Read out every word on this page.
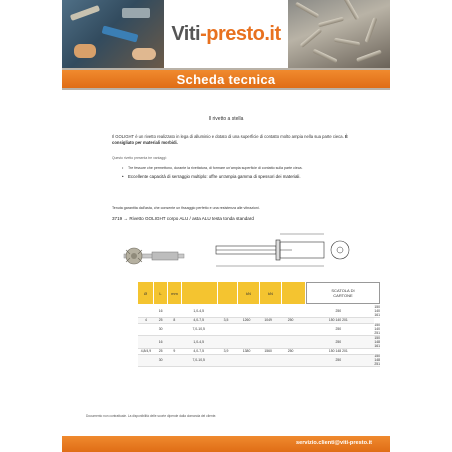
Viti-presto.it
Scheda tecnica
Il rivetto a stella
Il GOLIGHT è un rivetto realizzato in lega di alluminio e dotato di una superficie di contatto molto ampia nella sua parte cieca. È consigliato per materiali morbidi.
Questo rivetto presenta tre vantaggi:
• Tre fessure che permettono, durante la rivettatura, di formare un'ampia superficie di contatto sulla parte cieca.
• Eccellente capacità di serraggio multiplo: offre un'ampia gamma di spessori dei materiali.
Tenuta garantita dall'asta, che consente un fissaggio perfetto e una resistenza alle vibrazioni.
3719 → Rivetto GOLIGHT corpo ALU / asta ALU testa tonda standard
Ø	L	mm	kN	kN	SCATOLA DI
CARTONE
	16		1,0-4,5					250	150 140 161
4	25	8	4,0-7,5	3,5	1260	1049	250	150 140 201	
	30		7,0-10,5					250	150 140 251
	16		1,0-4,5					250	150 148 161
4,8/4,9	25	9	4,0-7,5	3,9	1380	1560	250	150 148 201	
	30		7,0-10,5					250	150 148 251
Documento non contrattuale. La disponibilità delle scorte dipende dalla domanda del cliente.
servizio.clienti@viti-presto.it
